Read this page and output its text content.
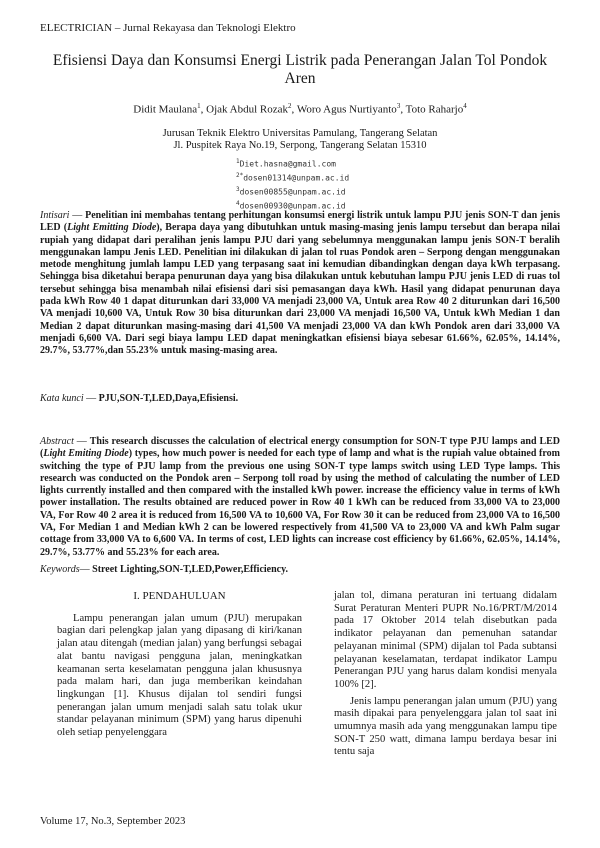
ELECTRICIAN – Jurnal Rekayasa dan Teknologi Elektro
Efisiensi Daya dan Konsumsi Energi Listrik pada Penerangan Jalan Tol Pondok Aren
Didit Maulana$^1$, Ojak Abdul Rozak$^2$, Woro Agus Nurtiyanto$^3$, Toto Raharjo$^4$
Jurusan Teknik Elektro Universitas Pamulang, Tangerang Selatan
Jl. Puspitek Raya No.19, Serpong, Tangerang Selatan 15310
$^1$Diet.hasna@gmail.com
$^{2*}$dosen01314@unpam.ac.id
$^3$dosen00855@unpam.ac.id
$^4$dosen00930@unpam.ac.id
Intisari — Penelitian ini membahas tentang perhitungan konsumsi energi listrik untuk lampu PJU jenis SON-T dan jenis LED (Light Emitting Diode), Berapa daya yang dibutuhkan untuk masing-masing jenis lampu tersebut dan berapa nilai rupiah yang didapat dari peralihan jenis lampu PJU dari yang sebelumnya menggunakan lampu jenis SON-T beralih menggunakan lampu Jenis LED. Penelitian ini dilakukan di jalan tol ruas Pondok aren – Serpong dengan menggunakan metode menghitung jumlah lampu LED yang terpasang saat ini kemudian dibandingkan dengan daya kWh terpasang. Sehingga bisa diketahui berapa penurunan daya yang bisa dilakukan untuk kebutuhan lampu PJU jenis LED di ruas tol tersebut sehingga bisa menambah nilai efisiensi dari sisi pemasangan daya kWh. Hasil yang didapat penurunan daya pada kWh Row 40 1 dapat diturunkan dari 33,000 VA menjadi 23,000 VA, Untuk area Row 40 2 diturunkan dari 16,500 VA menjadi 10,600 VA, Untuk Row 30 bisa diturunkan dari 23,000 VA menjadi 16,500 VA, Untuk kWh Median 1 dan Median 2 dapat diturunkan masing-masing dari 41,500 VA menjadi 23,000 VA dan kWh Pondok aren dari 33,000 VA menjadi 6,600 VA. Dari segi biaya lampu LED dapat meningkatkan efisiensi biaya sebesar 61.66%, 62.05%, 14.14%, 29.7%, 53.77%,dan 55.23% untuk masing-masing area.
Kata kunci — PJU,SON-T,LED,Daya,Efisiensi.
Abstract — This research discusses the calculation of electrical energy consumption for SON-T type PJU lamps and LED (Light Emiting Diode) types, how much power is needed for each type of lamp and what is the rupiah value obtained from switching the type of PJU lamp from the previous one using SON-T type lamps switch using LED Type lamps. This research was conducted on the Pondok aren – Serpong toll road by using the method of calculating the number of LED lights currently installed and then compared with the installed kWh power. increase the efficiency value in terms of kWh power installation. The results obtained are reduced power in Row 40 1 kWh can be reduced from 33,000 VA to 23,000 VA, For Row 40 2 area it is reduced from 16,500 VA to 10,600 VA, For Row 30 it can be reduced from 23,000 VA to 16,500 VA, For Median 1 and Median kWh 2 can be lowered respectively from 41,500 VA to 23,000 VA and kWh Palm sugar cottage from 33,000 VA to 6,600 VA. In terms of cost, LED lights can increase cost efficiency by 61.66%, 62.05%, 14.14%, 29.7%, 53.77% and 55.23% for each area.
Keywords— Street Lighting,SON-T,LED,Power,Efficiency.
I. PENDAHULUAN

Lampu penerangan jalan umum (PJU) merupakan bagian dari pelengkap jalan yang dipasang di kiri/kanan jalan atau ditengah (median jalan) yang berfungsi sebagai alat bantu navigasi pengguna jalan, meningkatkan keamanan serta keselamatan pengguna jalan khususnya pada malam hari, dan juga memberikan keindahan lingkungan [1]. Khusus dijalan tol sendiri fungsi penerangan jalan umum menjadi salah satu tolak ukur standar pelayanan minimum (SPM) yang harus dipenuhi oleh setiap penyelenggara

jalan tol, dimana peraturan ini tertuang didalam Surat Peraturan Menteri PUPR No.16/PRT/M/2014 pada 17 Oktober 2014 telah disebutkan pada indikator pelayanan dan pemenuhan satandar pelayanan minimal (SPM) dijalan tol Pada subtansi pelayanan keselamatan, terdapat indikator Lampu Penerangan PJU yang harus dalam kondisi menyala 100% [2].

Jenis lampu penerangan jalan umum (PJU) yang masih dipakai para penyelenggara jalan tol saat ini umumnya masih ada yang menggunakan lampu tipe SON-T 250 watt, dimana lampu berdaya besar ini tentu saja

Volume 17, No.3, September 2023
